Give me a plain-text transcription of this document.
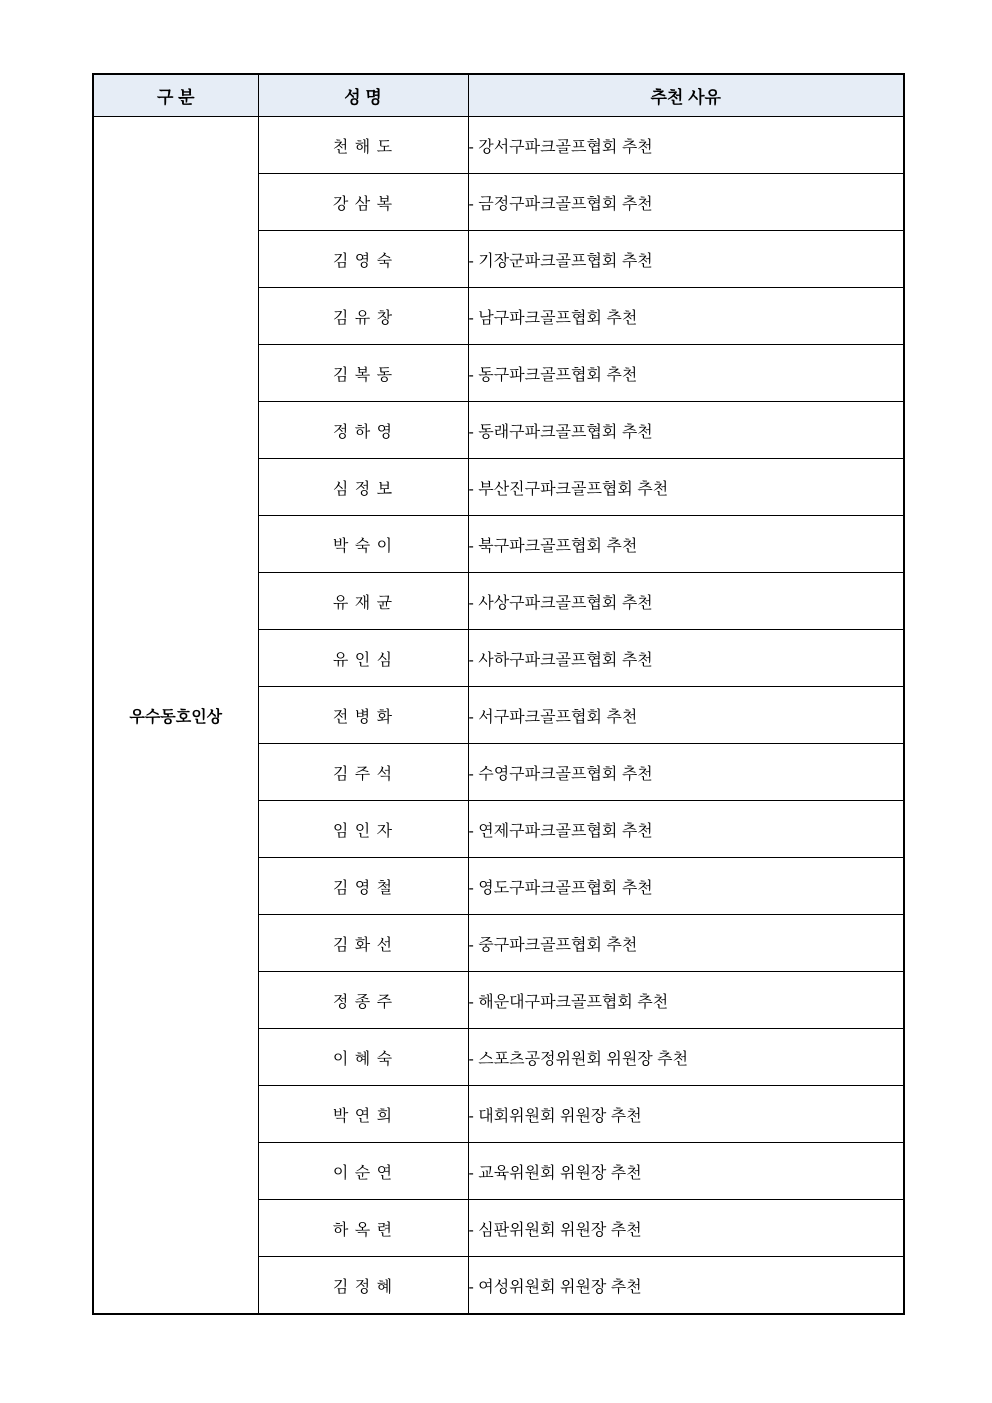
구 분	성 명	추천 사유
우수동호인상	천 해 도	- 강서구파크골프협회 추천
	강 삼 복	- 금정구파크골프협회 추천
	김 영 숙	- 기장군파크골프협회 추천
	김 유 창	- 남구파크골프협회 추천
	김 복 동	- 동구파크골프협회 추천
	정 하 영	- 동래구파크골프협회 추천
	심 정 보	- 부산진구파크골프협회 추천
	박 숙 이	- 북구파크골프협회 추천
	유 재 균	- 사상구파크골프협회 추천
	유 인 심	- 사하구파크골프협회 추천
	전 병 화	- 서구파크골프협회 추천
	김 주 석	- 수영구파크골프협회 추천
	임 인 자	- 연제구파크골프협회 추천
	김 영 철	- 영도구파크골프협회 추천
	김 화 선	- 중구파크골프협회 추천
	정 종 주	- 해운대구파크골프협회 추천
	이 혜 숙	- 스포츠공정위원회 위원장 추천
	박 연 희	- 대회위원회 위원장 추천
	이 순 연	- 교육위원회 위원장 추천
	하 옥 련	- 심판위원회 위원장 추천
	김 정 혜	- 여성위원회 위원장 추천
